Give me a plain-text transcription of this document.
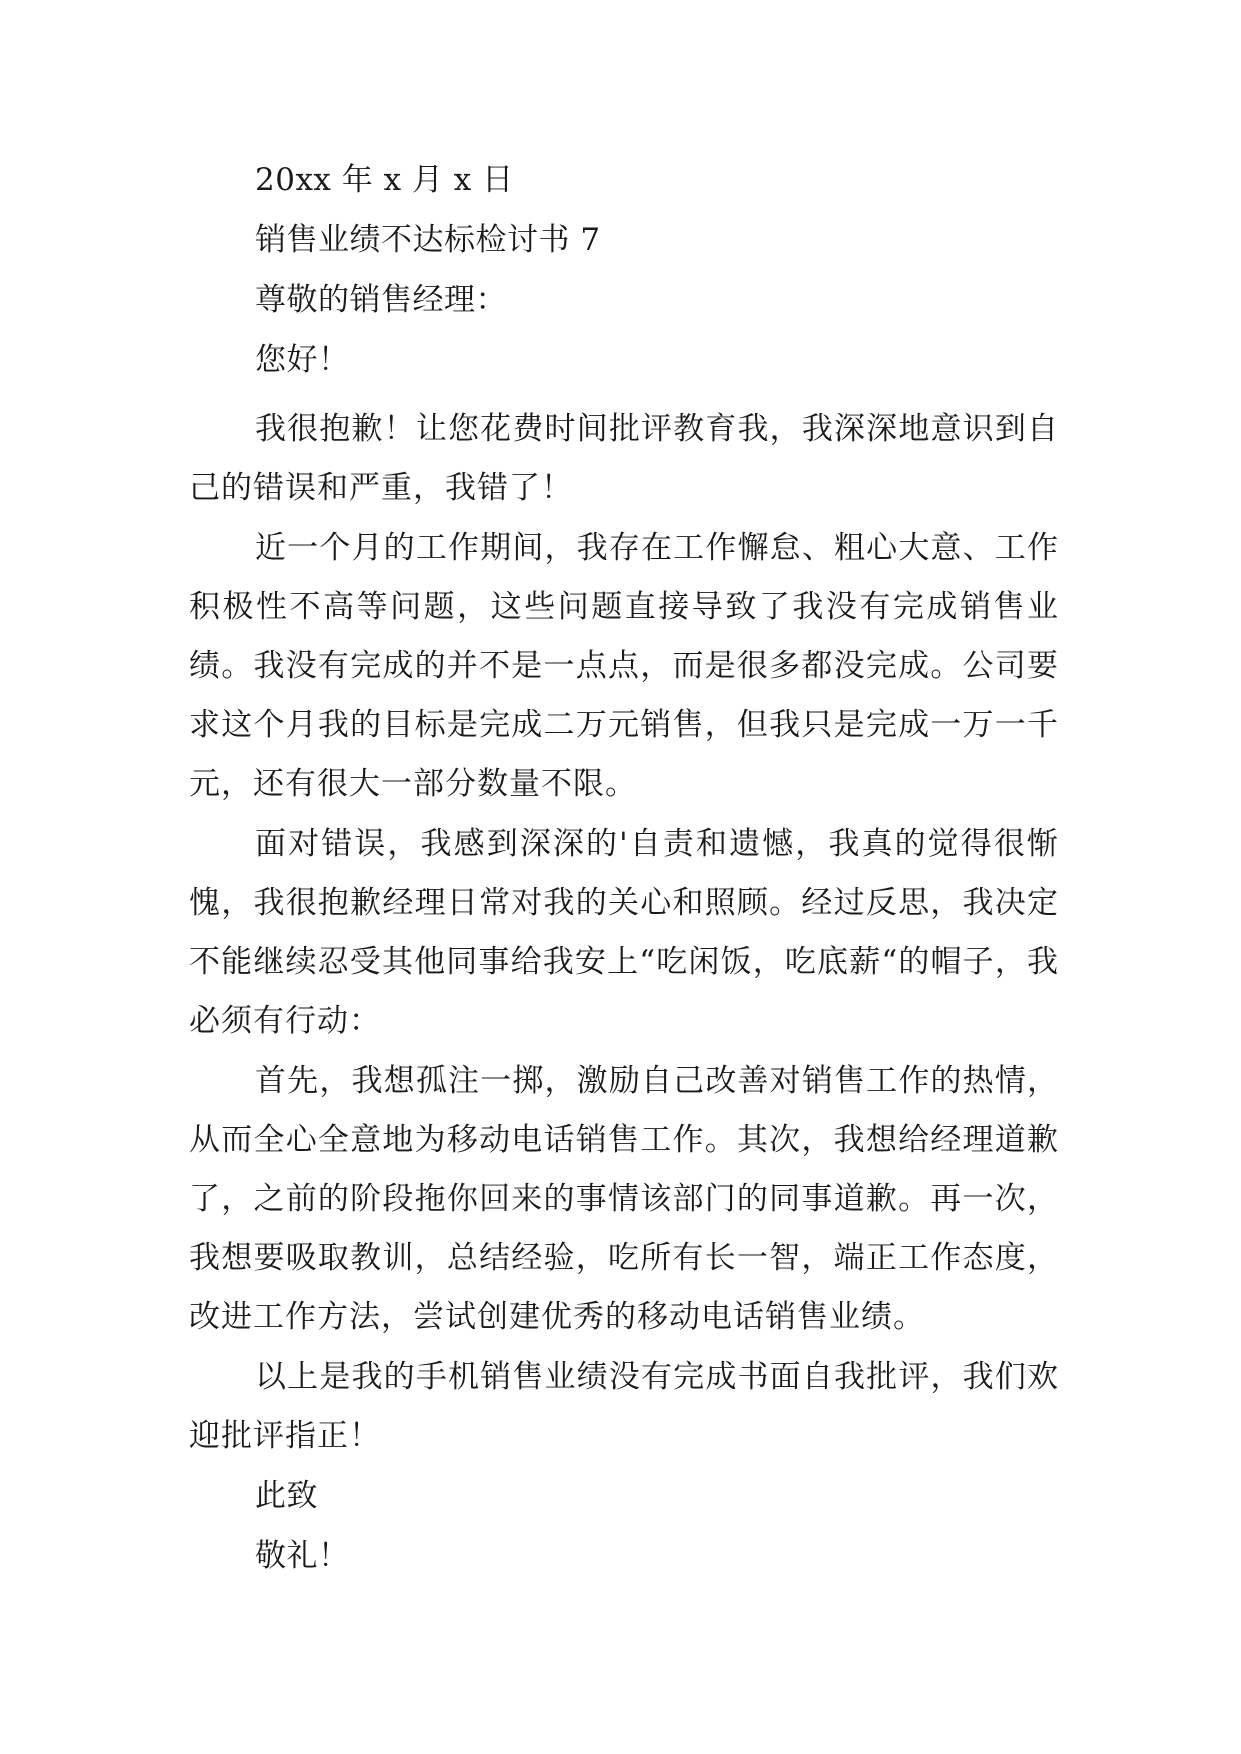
20xx 年 x 月 x 日
销售业绩不达标检讨书 7
尊敬的销售经理：
您好！

我很抱歉！让您花费时间批评教育我，我深深地意识到自己的错误和严重，我错了！

近一个月的工作期间，我存在工作懈怠、粗心大意、工作积极性不高等问题，这些问题直接导致了我没有完成销售业绩。我没有完成的并不是一点点，而是很多都没完成。公司要求这个月我的目标是完成二万元销售，但我只是完成一万一千元，还有很大一部分数量不限。

面对错误，我感到深深的'自责和遗憾，我真的觉得很惭愧，我很抱歉经理日常对我的关心和照顾。经过反思，我决定不能继续忍受其他同事给我安上“吃闲饭，吃底薪“的帽子，我必须有行动：

首先，我想孤注一掷，激励自己改善对销售工作的热情，从而全心全意地为移动电话销售工作。其次，我想给经理道歉了，之前的阶段拖你回来的事情该部门的同事道歉。再一次，我想要吸取教训，总结经验，吃所有长一智，端正工作态度，改进工作方法，尝试创建优秀的移动电话销售业绩。

以上是我的手机销售业绩没有完成书面自我批评，我们欢迎批评指正！

此致
敬礼！
